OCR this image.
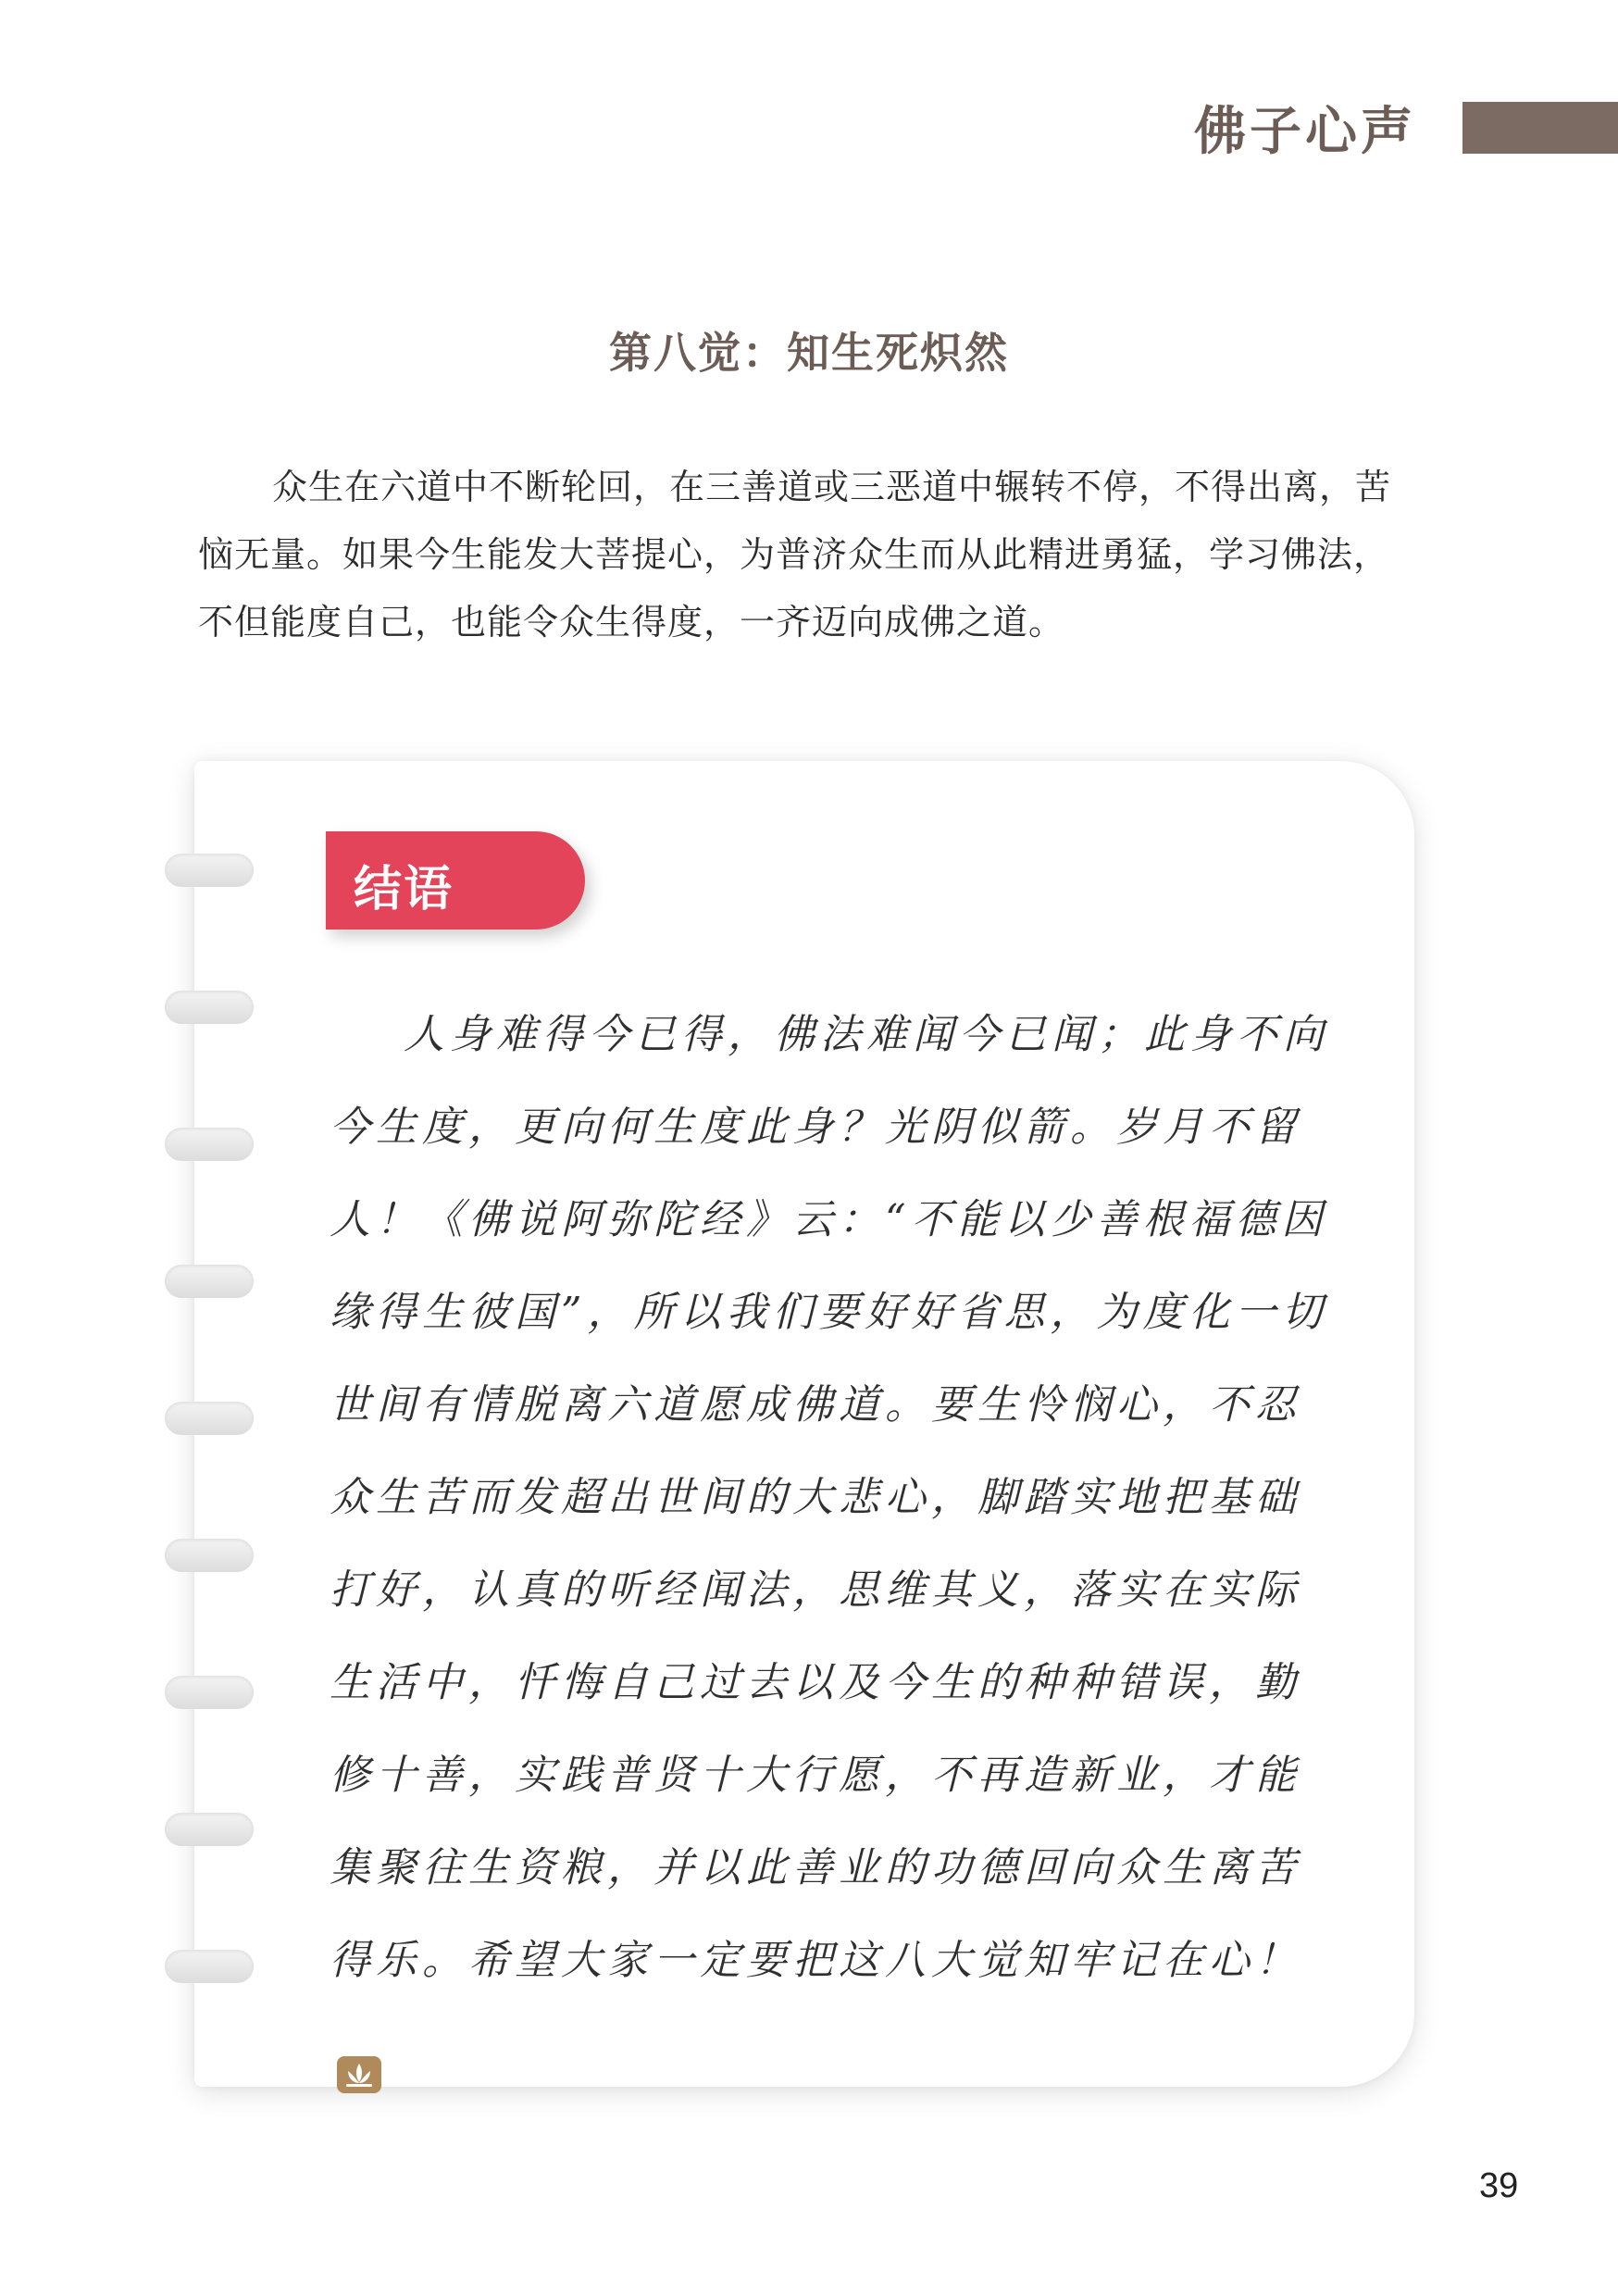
佛子心声
第八觉：知生死炽然

众生在六道中不断轮回，在三善道或三恶道中辗转不停，不得出离，苦恼无量。如果今生能发大菩提心，为普济众生而从此精进勇猛，学习佛法，不但能度自己，也能令众生得度，一齐迈向成佛之道。

结语

人身难得今已得，佛法难闻今已闻；此身不向今生度，更向何生度此身？光阴似箭。岁月不留人！《佛说阿弥陀经》云：“不能以少善根福德因缘得生彼国”，所以我们要好好省思，为度化一切世间有情脱离六道愿成佛道。要生怜悯心，不忍众生苦而发超出世间的大悲心，脚踏实地把基础打好，认真的听经闻法，思维其义，落实在实际生活中，忏悔自己过去以及今生的种种错误，勤修十善，实践普贤十大行愿，不再造新业，才能集聚往生资粮，并以此善业的功德回向众生离苦得乐。希望大家一定要把这八大觉知牢记在心！

39
